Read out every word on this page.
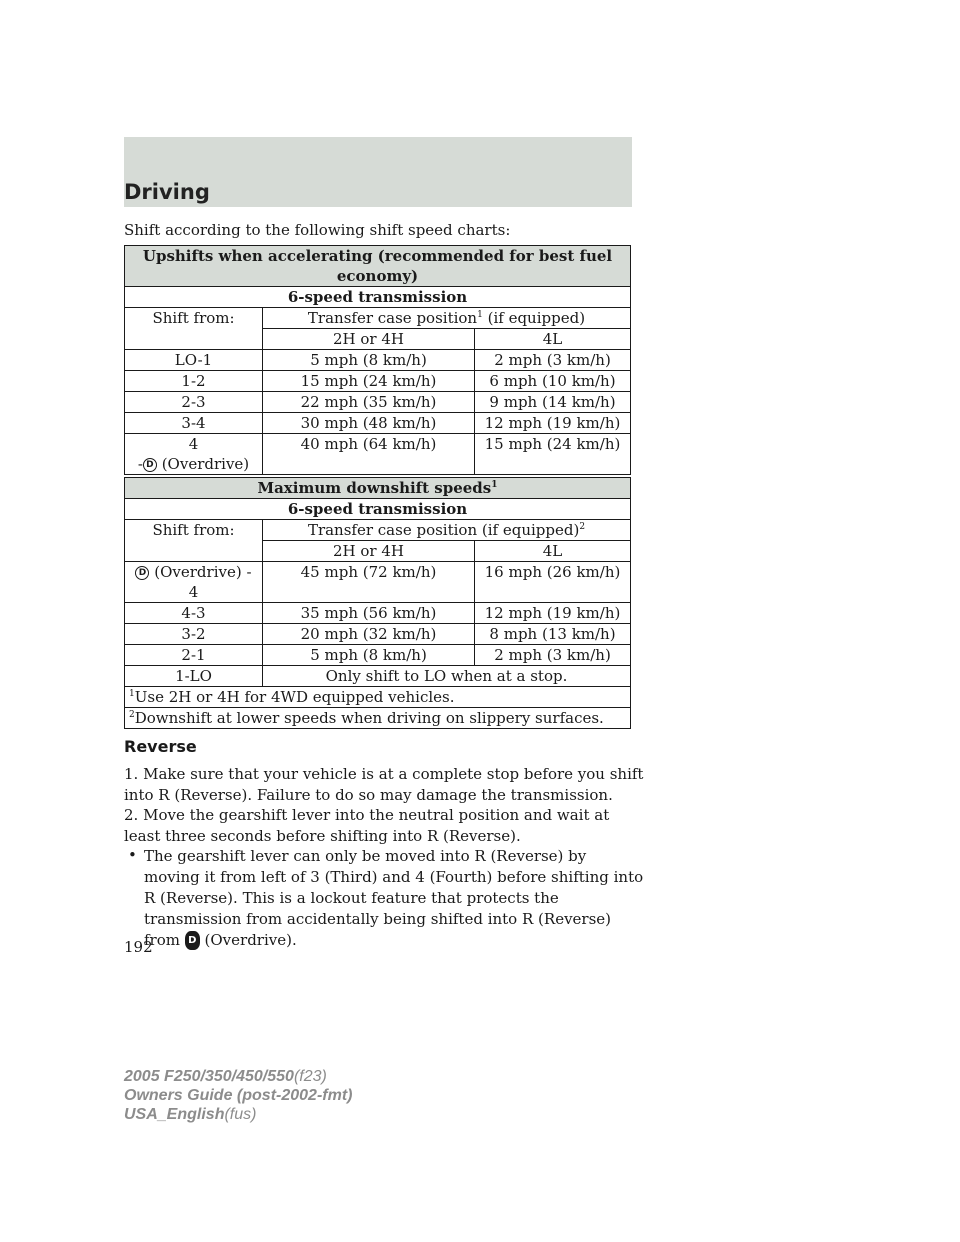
Driving
Shift according to the following shift speed charts:
Upshifts when accelerating (recommended for best fuel economy)		
6-speed transmission		
Shift from:	Transfer case position$^1$ (if equipped)	
	2H or 4H	4L
LO-1	5 mph (8 km/h)	2 mph (3 km/h)
1-2	15 mph (24 km/h)	6 mph (10 km/h)
2-3	22 mph (35 km/h)	9 mph (14 km/h)
3-4	30 mph (48 km/h)	12 mph (19 km/h)

4
- D (Overdrive)	40 mph (64 km/h)	15 mph (24 km/h)
Maximum downshift speeds$^1$
6-speed transmission		
Shift from:	Transfer case position (if equipped)$^2$
	2H or 4H	4L

D (Overdrive) -
4	45 mph (72 km/h)	16 mph (26 km/h)
4-3	35 mph (56 km/h)	12 mph (19 km/h)
3-2	20 mph (32 km/h)	8 mph (13 km/h)
2-1	5 mph (8 km/h)	2 mph (3 km/h)
1-LO	Only shift to LO when at a stop.	
$^1$Use 2H or 4H for 4WD equipped vehicles.		
$^2$Downshift at lower speeds when driving on slippery surfaces.		
Reverse
1. Make sure that your vehicle is at a complete stop before you shift into R (Reverse). Failure to do so may damage the transmission.
2. Move the gearshift lever into the neutral position and wait at least three seconds before shifting into R (Reverse).
• The gearshift lever can only be moved into R (Reverse) by moving it from left of 3 (Third) and 4 (Fourth) before shifting into R (Reverse). This is a lockout feature that protects the transmission from accidentally being shifted into R (Reverse) from D (Overdrive).
192
2005 F250/350/450/550(f23)
Owners Guide (post-2002-fmt)
USA_English(fus)
